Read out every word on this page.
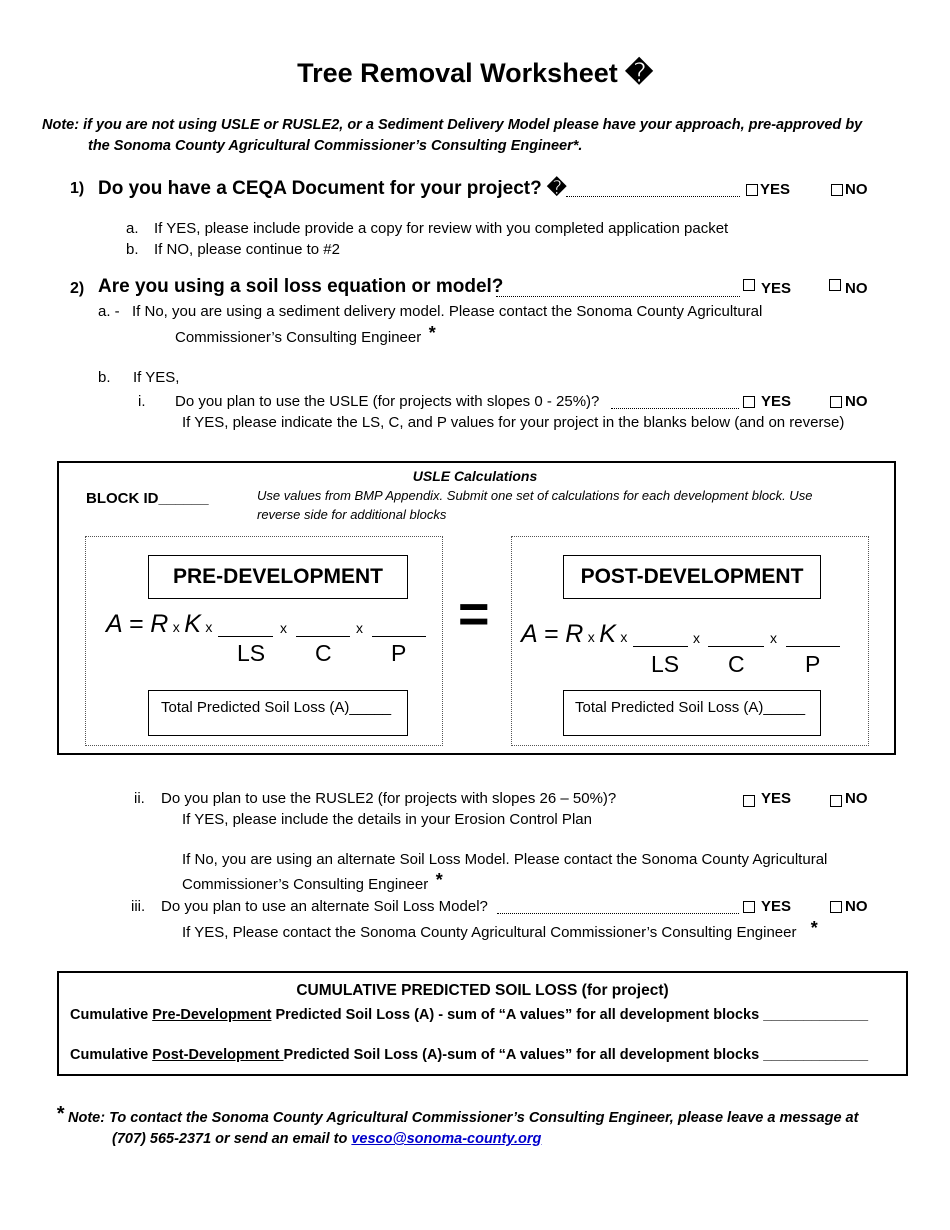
Tree Removal Worksheet �
Note: if you are not using USLE or RUSLE2, or a Sediment Delivery Model please have your approach, pre-approved by
the Sonoma County Agricultural Commissioner’s Consulting Engineer*.
1) Do you have a CEQA Document for your project? �	YES	NO
a. If YES, please include provide a copy for review with you completed application packet
b. If NO, please continue to #2
2) Are you using a soil loss equation or model?	YES	NO
a. - If No, you are using a sediment delivery model. Please contact the Sonoma County Agricultural
Commissioner’s Consulting Engineer *
b. If YES,
i. Do you plan to use the USLE (for projects with slopes 0 - 25%)?	YES	NO
If YES, please indicate the LS, C, and P values for your project in the blanks below (and on reverse)
USLE Calculations
BLOCK ID______	Use values from BMP Appendix. Submit one set of calculations for each development block. Use
reverse side for additional blocks
PRE-DEVELOPMENT
A = R x K x	x	x
LS C	P
Total Predicted Soil Loss (A)_____
=
POST-DEVELOPMENT
A = R x K x	x	x
LS C	P
Total Predicted Soil Loss (A)_____
ii. Do you plan to use the RUSLE2 (for projects with slopes 26 – 50%)?	YES	NO
If YES, please include the details in your Erosion Control Plan
If No, you are using an alternate Soil Loss Model. Please contact the Sonoma County Agricultural
Commissioner’s Consulting Engineer *
iii. Do you plan to use an alternate Soil Loss Model?	YES	NO
If YES, Please contact the Sonoma County Agricultural Commissioner’s Consulting Engineer *
CUMULATIVE PREDICTED SOIL LOSS (for project)
Cumulative Pre-Development Predicted Soil Loss (A) - sum of “A values” for all development blocks _____________
Cumulative Post-Development Predicted Soil Loss (A)-sum of “A values” for all development blocks _____________
* Note: To contact the Sonoma County Agricultural Commissioner’s Consulting Engineer, please leave a message at
(707) 565-2371 or send an email to vesco@sonoma-county.org
